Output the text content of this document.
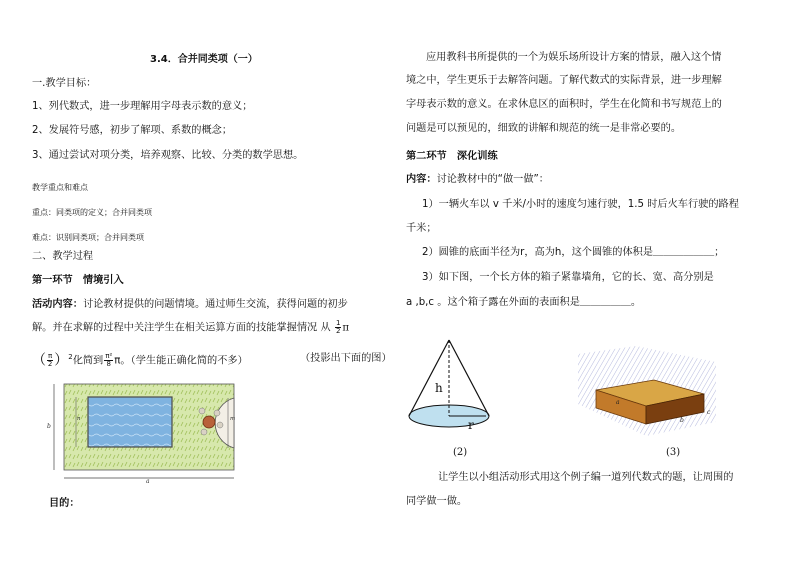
3.4．合并同类项（一）
一.教学目标：
1、列代数式，进一步理解用字母表示数的意义；
2、发展符号感，初步了解项、系数的概念；
3、通过尝试对项分类，培养观察、比较、分类的数学思想。
教学重点和难点
重点：同类项的定义；合并同类项
难点：识别同类项；合并同类项
二、教学过程
第一环节　情境引入
活动内容：讨论教材提供的问题情境。通过师生交流，获得问题的初步
解。并在求解的过程中关注学生在相关运算方面的技能掌握情况 从 $\frac{1}{2}$ π
（ $\frac{\pi}{2} )^2$化简到 $\frac{\text{π²}}{8}$ π。（学生能正确化简的不多）	（投影出下面的图）
b
a
m
n
目的：
应用教科书所提供的一个为娱乐场所设计方案的情景，融入这个情
境之中，学生更乐于去解答问题。了解代数式的实际背景，进一步理解
字母表示数的意义。在求休息区的面积时，学生在化简和书写规范上的
问题是可以预见的，细致的讲解和规范的统一是非常必要的。
第二环节　深化训练
内容：讨论教材中的“做一做”：
1）一辆火车以 v 千米/小时的速度匀速行驶，1.5 时后火车行驶的路程
千米；
2）圆锥的底面半径为r，高为h，这个圆锥的体积是＿＿＿＿＿＿；
3）如下图，一个长方体的箱子紧靠墙角，它的长、宽、高分别是
a ,b,c 。这个箱子露在外面的表面积是＿＿＿＿＿。
h
r
(2)
a
b
c
(3)
让学生以小组活动形式用这个例子编一道列代数式的题，让周围的
同学做一做。
